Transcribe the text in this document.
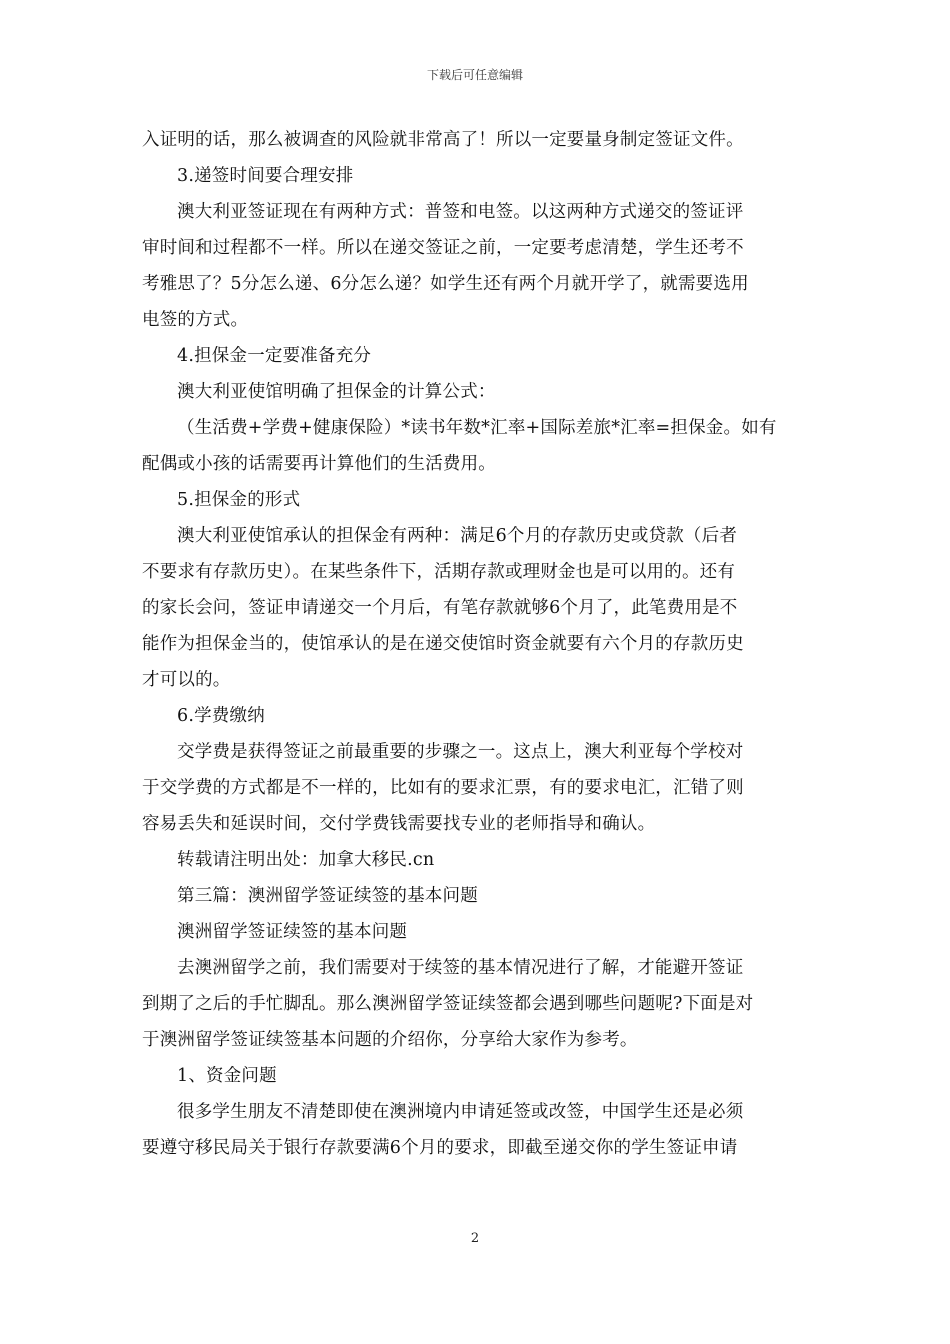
下载后可任意编辑
入证明的话，那么被调查的风险就非常高了！所以一定要量身制定签证文件。
3.递签时间要合理安排
澳大利亚签证现在有两种方式：普签和电签。以这两种方式递交的签证评
审时间和过程都不一样。所以在递交签证之前，一定要考虑清楚，学生还考不
考雅思了？5分怎么递、6分怎么递？如学生还有两个月就开学了，就需要选用
电签的方式。
4.担保金一定要准备充分
澳大利亚使馆明确了担保金的计算公式：
（生活费+学费+健康保险）*读书年数*汇率+国际差旅*汇率=担保金。如有
配偶或小孩的话需要再计算他们的生活费用。
5.担保金的形式
澳大利亚使馆承认的担保金有两种：满足6个月的存款历史或贷款（后者
不要求有存款历史）。在某些条件下，活期存款或理财金也是可以用的。还有
的家长会问，签证申请递交一个月后，有笔存款就够6个月了，此笔费用是不
能作为担保金当的，使馆承认的是在递交使馆时资金就要有六个月的存款历史
才可以的。
6.学费缴纳
交学费是获得签证之前最重要的步骤之一。这点上，澳大利亚每个学校对
于交学费的方式都是不一样的，比如有的要求汇票，有的要求电汇，汇错了则
容易丢失和延误时间，交付学费钱需要找专业的老师指导和确认。
转载请注明出处：加拿大移民.cn
第三篇：澳洲留学签证续签的基本问题
澳洲留学签证续签的基本问题
去澳洲留学之前，我们需要对于续签的基本情况进行了解，才能避开签证
到期了之后的手忙脚乱。那么澳洲留学签证续签都会遇到哪些问题呢?下面是对
于澳洲留学签证续签基本问题的介绍你，分享给大家作为参考。
1、资金问题
很多学生朋友不清楚即使在澳洲境内申请延签或改签，中国学生还是必须
要遵守移民局关于银行存款要满6个月的要求，即截至递交你的学生签证申请
2
